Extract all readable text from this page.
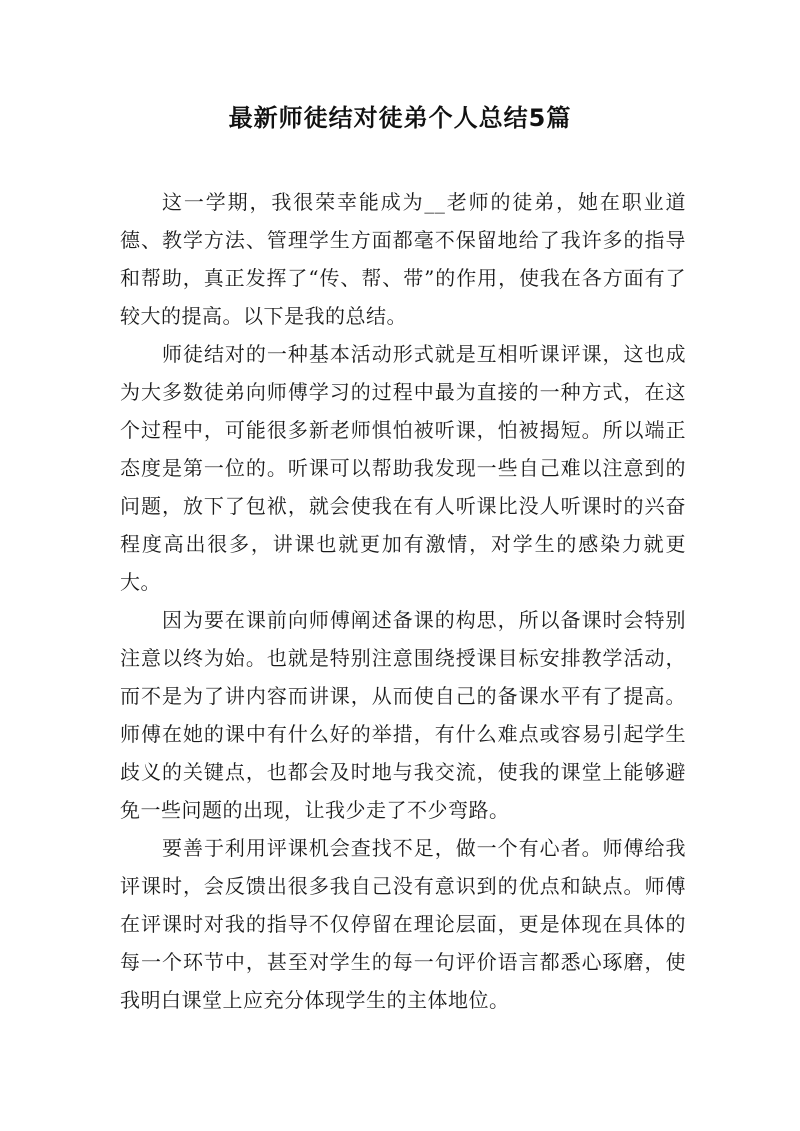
最新师徒结对徒弟个人总结5篇

这一学期，我很荣幸能成为__老师的徒弟，她在职业道德、教学方法、管理学生方面都毫不保留地给了我许多的指导和帮助，真正发挥了“传、帮、带”的作用，使我在各方面有了较大的提高。以下是我的总结。

师徒结对的一种基本活动形式就是互相听课评课，这也成为大多数徒弟向师傅学习的过程中最为直接的一种方式，在这个过程中，可能很多新老师惧怕被听课，怕被揭短。所以端正态度是第一位的。听课可以帮助我发现一些自己难以注意到的问题，放下了包袱，就会使我在有人听课比没人听课时的兴奋程度高出很多，讲课也就更加有激情，对学生的感染力就更大。

因为要在课前向师傅阐述备课的构思，所以备课时会特别注意以终为始。也就是特别注意围绕授课目标安排教学活动，而不是为了讲内容而讲课，从而使自己的备课水平有了提高。师傅在她的课中有什么好的举措，有什么难点或容易引起学生歧义的关键点，也都会及时地与我交流，使我的课堂上能够避免一些问题的出现，让我少走了不少弯路。

要善于利用评课机会查找不足，做一个有心者。师傅给我评课时，会反馈出很多我自己没有意识到的优点和缺点。师傅在评课时对我的指导不仅停留在理论层面，更是体现在具体的每一个环节中，甚至对学生的每一句评价语言都悉心琢磨，使我明白课堂上应充分体现学生的主体地位。
